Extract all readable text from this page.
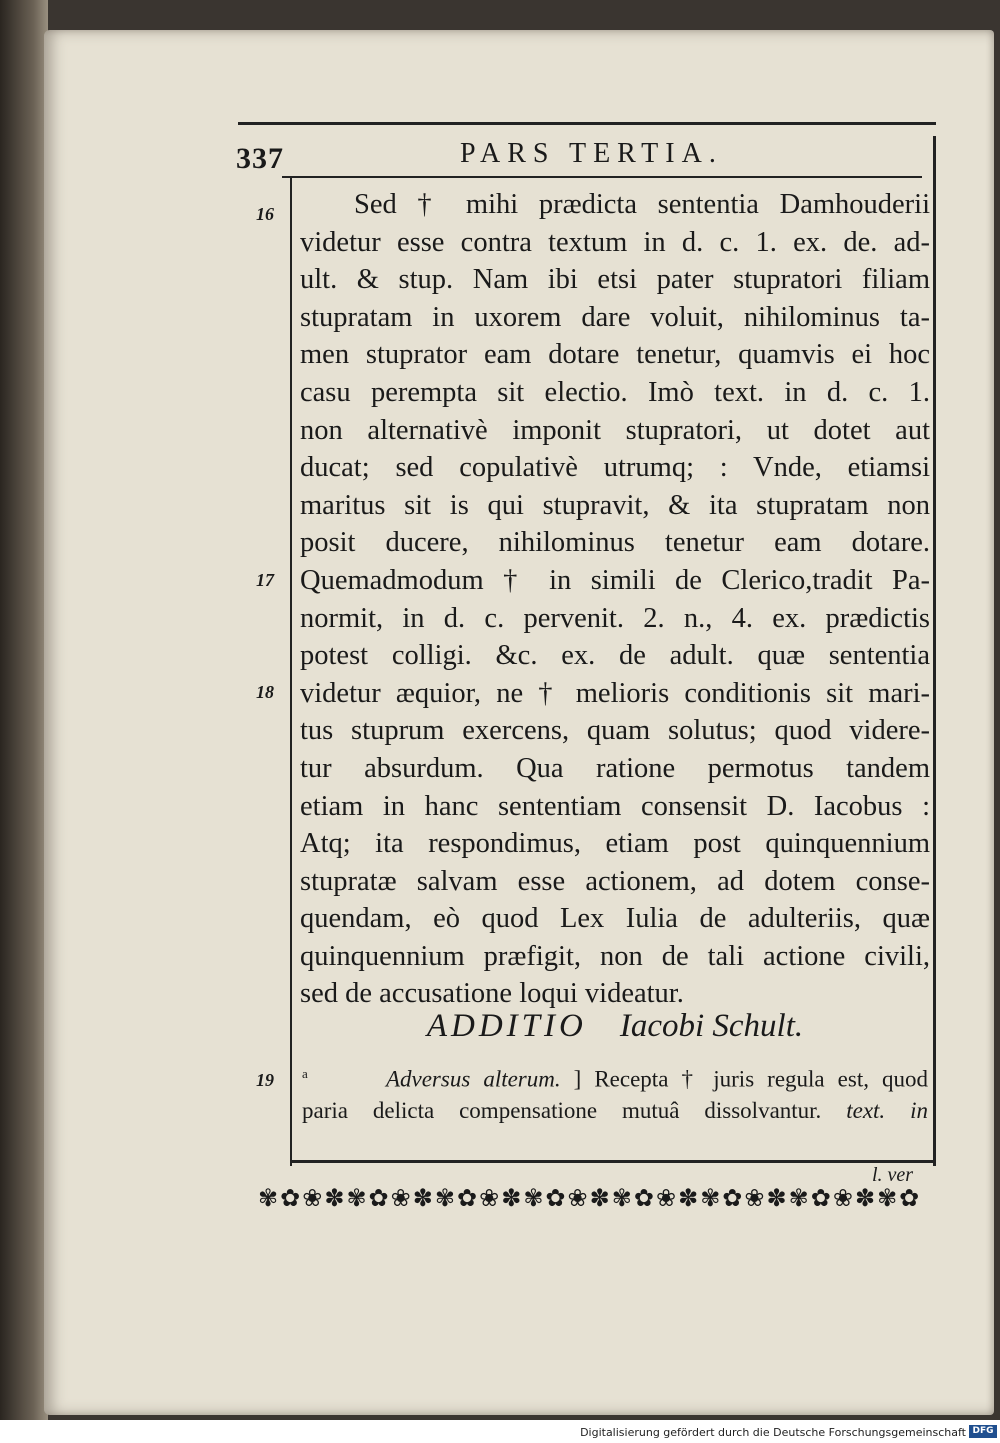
337	PARS TERTIA.
16
17
18
19
Sed † mihi prædicta sententia Damhouderii
videtur esse contra textum in d. c. 1. ex. de. ad-
ult. & stup. Nam ibi etsi pater stupratori filiam
stupratam in uxorem dare voluit, nihilominus ta-
men stuprator eam dotare tenetur, quamvis ei hoc
casu perempta sit electio. Imò text. in d. c. 1.
non alternativè imponit stupratori, ut dotet aut
ducat; sed copulativè utrumq; : Vnde, etiamsi
maritus sit is qui stupravit, & ita stupratam non
posit ducere, nihilominus tenetur eam dotare.
Quemadmodum † in simili de Clerico,tradit Pa-
normit, in d. c. pervenit. 2. n., 4. ex. prædictis
potest colligi. &c. ex. de adult. quæ sententia
videtur æquior, ne † melioris conditionis sit mari-
tus stuprum exercens, quam solutus; quod videre-
tur absurdum. Qua ratione permotus tandem
etiam in hanc sententiam consensit D. Iacobus :
Atq; ita respondimus, etiam post quinquennium
stupratæ salvam esse actionem, ad dotem conse-
quendam, eò quod Lex Iulia de adulteriis, quæ
quinquennium præfigit, non de tali actione civili,
sed de accusatione loqui videatur.
ADDITIO Iacobi Schult.
$^a$	Adversus alterum. ] Recepta † juris regula est, quod
paria delicta compensatione mutuâ dissolvantur. text. in
l. ver
✾✿❀✽✾✿❀✽✾✿❀✽✾✿❀✽✾✿❀✽✾✿❀✽✾✿❀✽✾✿
Digitalisierung gefördert durch die Deutsche Forschungsgemeinschaft DFG
